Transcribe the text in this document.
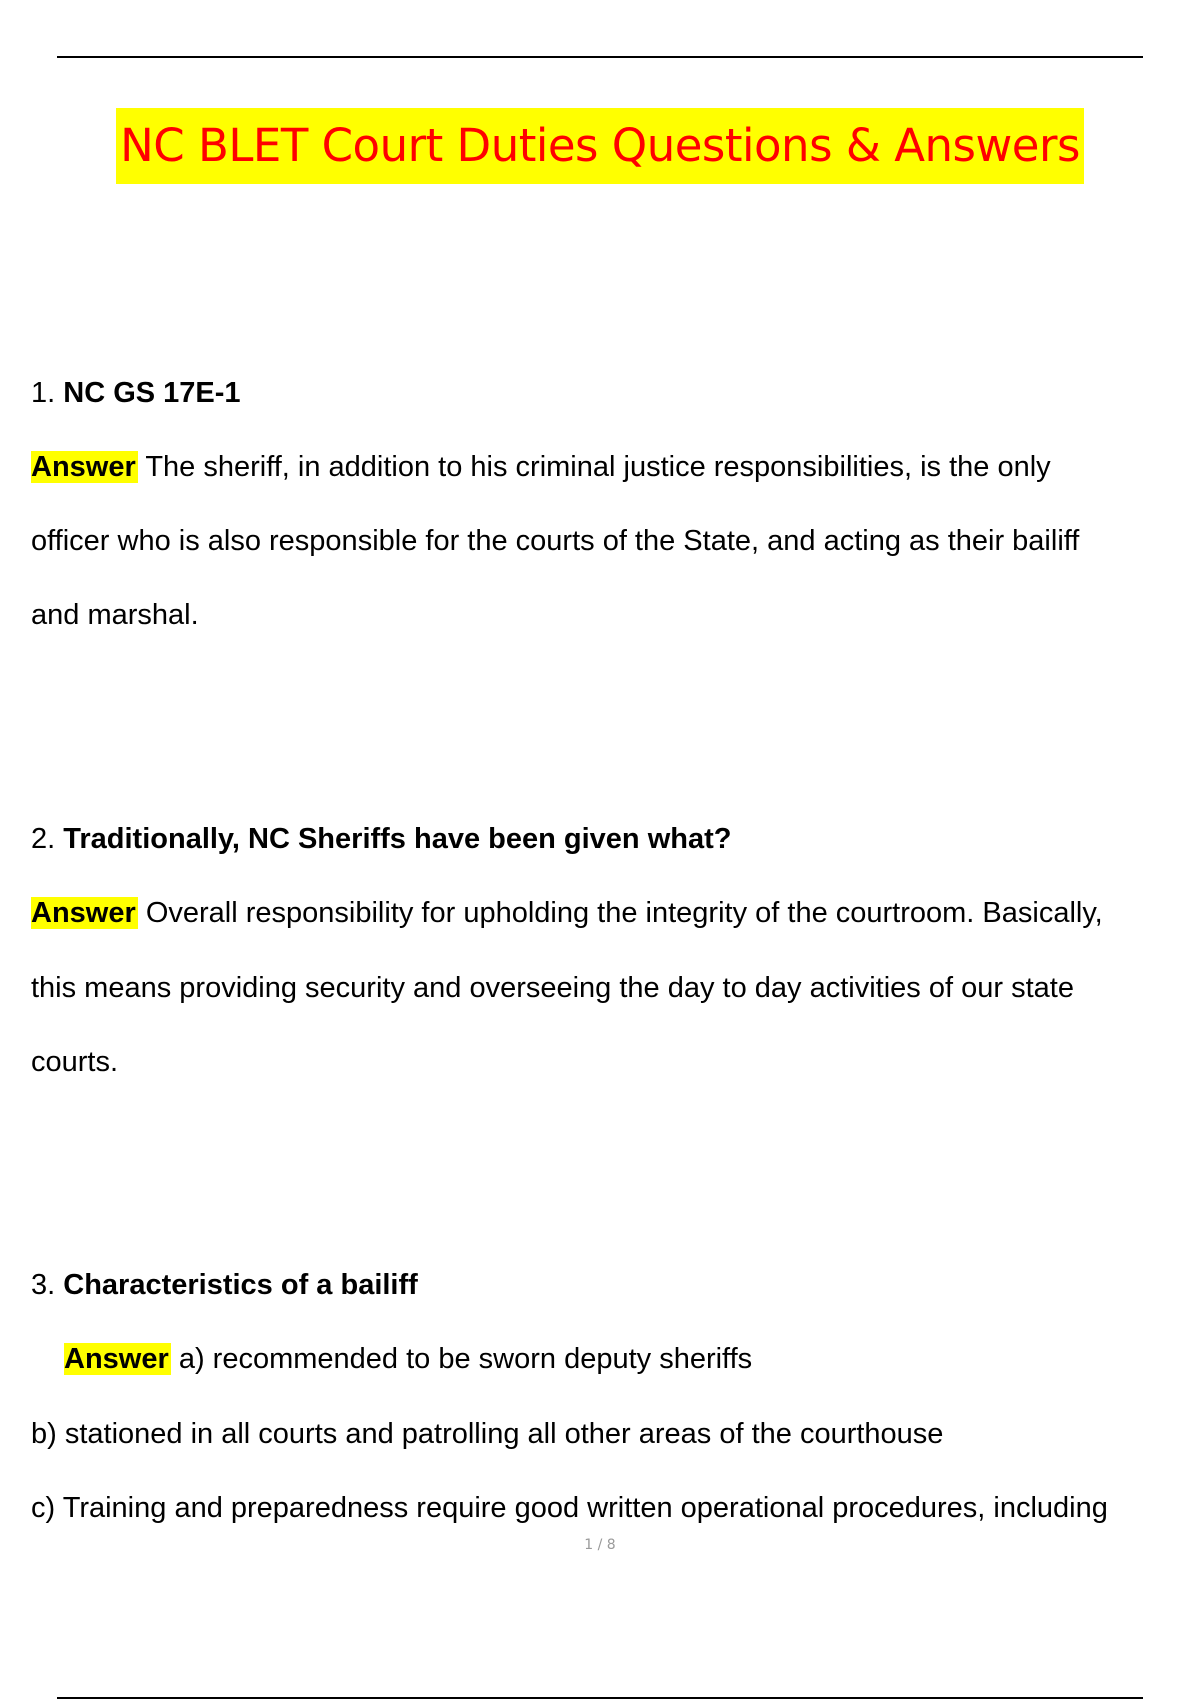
NC BLET Court Duties Questions & Answers
1. NC GS 17E-1
Answer The sheriff, in addition to his criminal justice responsibilities, is the only
officer who is also responsible for the courts of the State, and acting as their bailiff
and marshal.
2. Traditionally, NC Sheriffs have been given what?
Answer Overall responsibility for upholding the integrity of the courtroom. Basically,
this means providing security and overseeing the day to day activities of our state
courts.
3. Characteristics of a bailiff
Answer a) recommended to be sworn deputy sheriffs
b) stationed in all courts and patrolling all other areas of the courthouse
c) Training and preparedness require good written operational procedures, including
1 / 8
